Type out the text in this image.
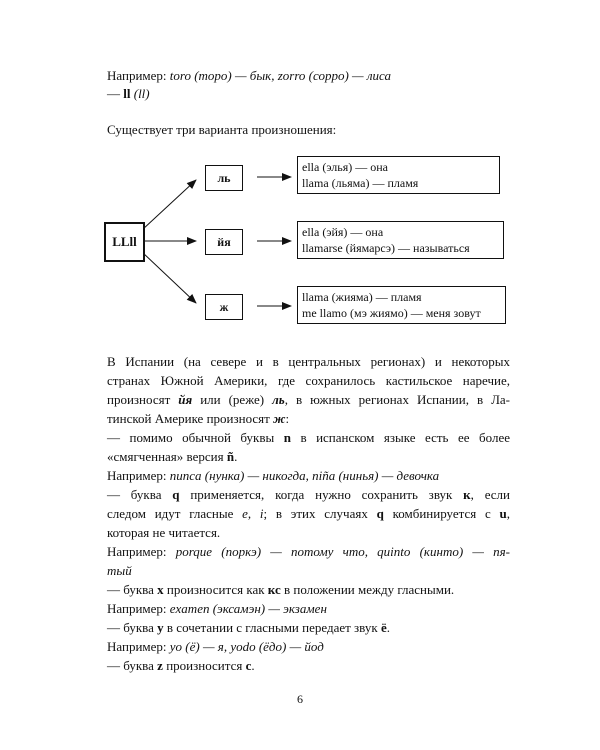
Например: toro (торо) — бык, zorro (сорро) — лиса
— ll (ll)
Существует три варианта произношения:
LLll
ль
йя
ж
ella (элья) — она
llama (льяма) — пламя
ella (эйя) — она
llamarse (йямарсэ) — называться
llama (жияма) — пламя
me llamo (мэ жиямо) — меня зовут
В Испании (на севере и в центральных регионах) и некоторых
странах Южной Америки, где сохранилось кастильское наречие,
произносят йя или (реже) ль, в южных регионах Испании, в Ла-
тинской Америке произносят ж:
— помимо обычной буквы n в испанском языке есть ее более
«смягченная» версия ñ.
Например: nunca (нунка) — никогда, niña (нинья) — девочка
— буква q применяется, когда нужно сохранить звук к, если
следом идут гласные e, i; в этих случаях q комбинируется с u,
которая не читается.
Например: porque (поркэ) — потому что, quinto (кинто) — пя-
тый
— буква x произносится как кс в положении между гласными.
Например: examen (эксамэн) — экзамен
— буква y в сочетании с гласными передает звук ё.
Например: yo (ё) — я, yodo (ёдо) — йод
— буква z произносится с.
6
